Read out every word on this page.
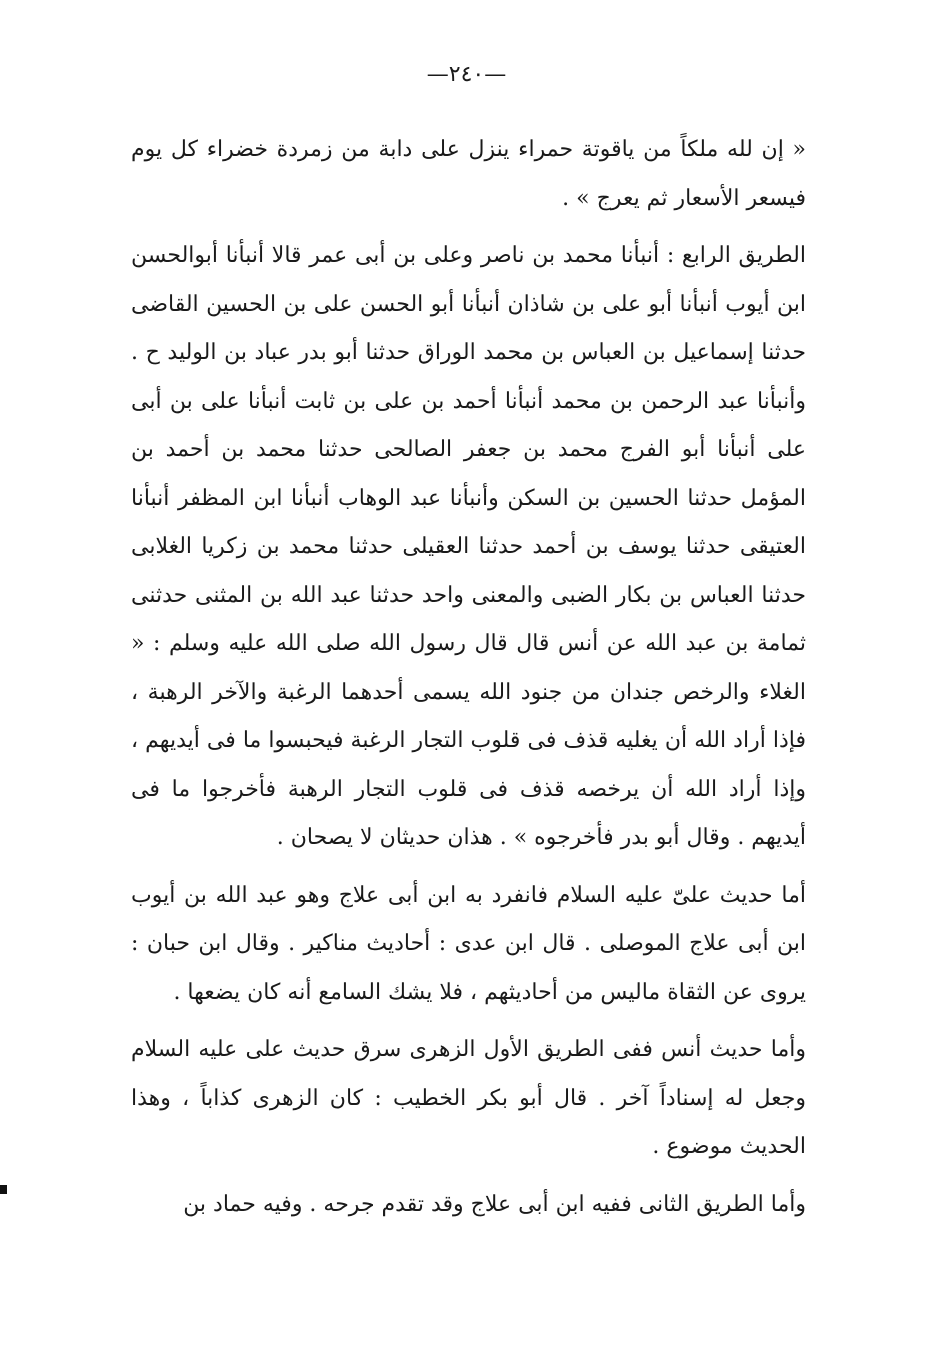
—٢٤٠—

« إن لله ملكاً من ياقوتة حمراء ينزل على دابة من زمردة خضراء كل يوم فيسعر الأسعار ثم يعرج » .

الطريق الرابع : أنبأنا محمد بن ناصر وعلى بن أبى عمر قالا أنبأنا أبوالحسن ابن أيوب أنبأنا أبو على بن شاذان أنبأنا أبو الحسن على بن الحسين القاضى حدثنا إسماعيل بن العباس بن محمد الوراق حدثنا أبو بدر عباد بن الوليد ح . وأنبأنا عبد الرحمن بن محمد أنبأنا أحمد بن على بن ثابت أنبأنا على بن أبى على أنبأنا أبو الفرج محمد بن جعفر الصالحى حدثنا محمد بن أحمد بن المؤمل حدثنا الحسين بن السكن وأنبأنا عبد الوهاب أنبأنا ابن المظفر أنبأنا العتيقى حدثنا يوسف بن أحمد حدثنا العقيلى حدثنا محمد بن زكريا الغلابى حدثنا العباس بن بكار الضبى والمعنى واحد حدثنا عبد الله بن المثنى حدثنى ثمامة بن عبد الله عن أنس قال قال رسول الله صلى الله عليه وسلم : « الغلاء والرخص جندان من جنود الله يسمى أحدهما الرغبة والآخر الرهبة ، فإذا أراد الله أن يغليه قذف فى قلوب التجار الرغبة فيحبسوا ما فى أيديهم ، وإذا أراد الله أن يرخصه قذف فى قلوب التجار الرهبة فأخرجوا ما فى أيديهم . وقال أبو بدر فأخرجوه » . هذان حديثان لا يصحان .

أما حديث علىّ عليه السلام فانفرد به ابن أبى علاج وهو عبد الله بن أيوب ابن أبى علاج الموصلى . قال ابن عدى : أحاديث مناكير . وقال ابن حبان : يروى عن الثقاة ماليس من أحاديثهم ، فلا يشك السامع أنه كان يضعها .

وأما حديث أنس ففى الطريق الأول الزهرى سرق حديث على عليه السلام وجعل له إسناداً آخر . قال أبو بكر الخطيب : كان الزهرى كذاباً ، وهذا الحديث موضوع .

وأما الطريق الثانى ففيه ابن أبى علاج وقد تقدم جرحه . وفيه حماد بن
